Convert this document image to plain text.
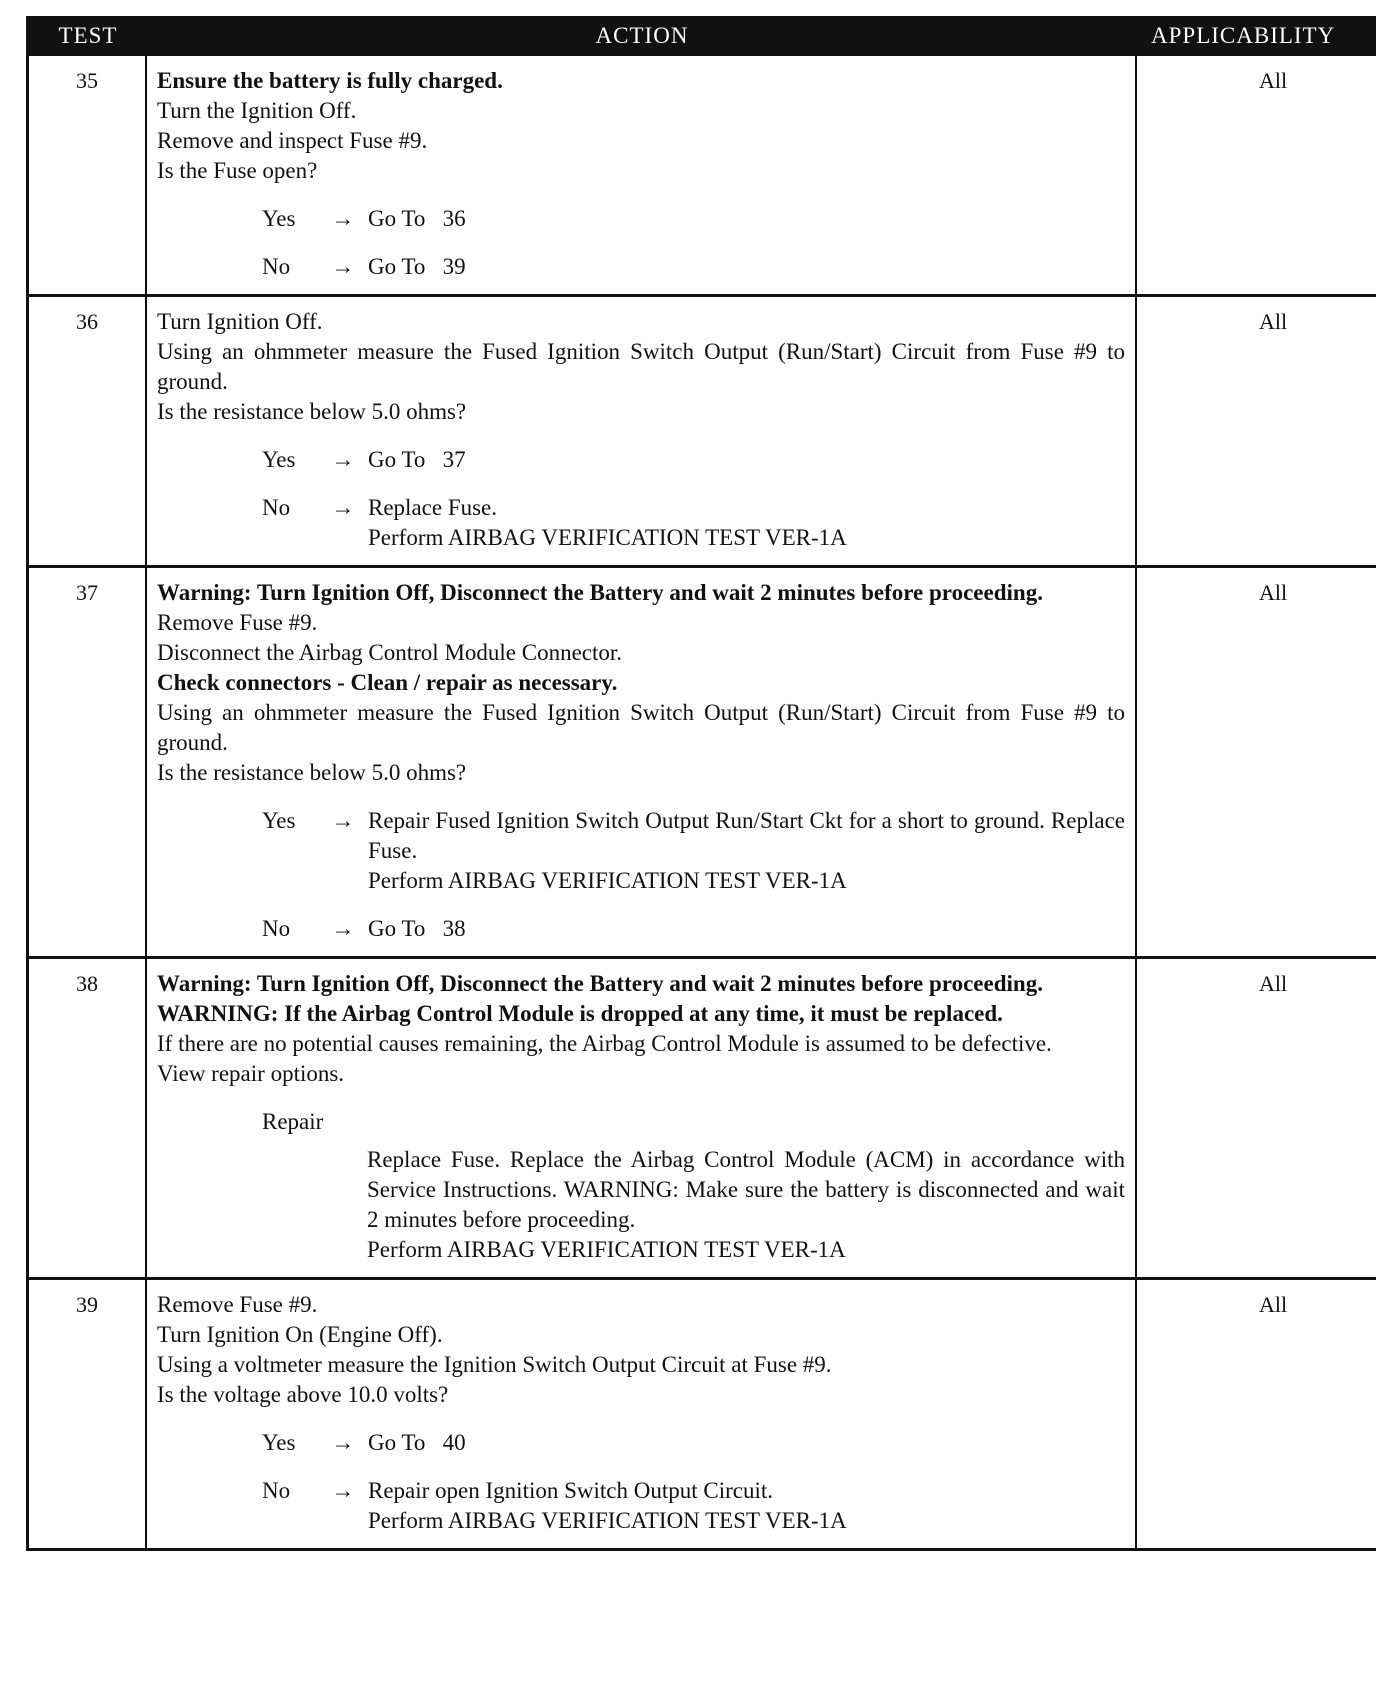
TEST	ACTION	APPLICABILITY
35	Ensure the battery is fully charged.
Turn the Ignition Off.
Remove and inspect Fuse #9.
Is the Fuse open?
Yes	→ Go To   36
No	→ Go To   39
All
36	Turn Ignition Off.
Using an ohmmeter measure the Fused Ignition Switch Output (Run/Start) Circuit from Fuse #9 to ground.
Is the resistance below 5.0 ohms?
Yes	→ Go To   37
No	→ Replace Fuse.
Perform AIRBAG VERIFICATION TEST VER-1A
All
37	Warning: Turn Ignition Off, Disconnect the Battery and wait 2 minutes before proceeding.
Remove Fuse #9.
Disconnect the Airbag Control Module Connector.
Check connectors - Clean / repair as necessary.
Using an ohmmeter measure the Fused Ignition Switch Output (Run/Start) Circuit from Fuse #9 to ground.
Is the resistance below 5.0 ohms?
Yes	→ Repair Fused Ignition Switch Output Run/Start Ckt for a short to ground. Replace Fuse.
Perform AIRBAG VERIFICATION TEST VER-1A
No	→ Go To   38
All
38	Warning: Turn Ignition Off, Disconnect the Battery and wait 2 minutes before proceeding.
WARNING: If the Airbag Control Module is dropped at any time, it must be replaced.
If there are no potential causes remaining, the Airbag Control Module is assumed to be defective.
View repair options.
Repair
Replace Fuse. Replace the Airbag Control Module (ACM) in accordance with Service Instructions. WARNING: Make sure the battery is disconnected and wait 2 minutes before proceeding.
Perform AIRBAG VERIFICATION TEST VER-1A
All
39	Remove Fuse #9.
Turn Ignition On (Engine Off).
Using a voltmeter measure the Ignition Switch Output Circuit at Fuse #9.
Is the voltage above 10.0 volts?
Yes	→ Go To   40
No	→ Repair open Ignition Switch Output Circuit.
Perform AIRBAG VERIFICATION TEST VER-1A
All
